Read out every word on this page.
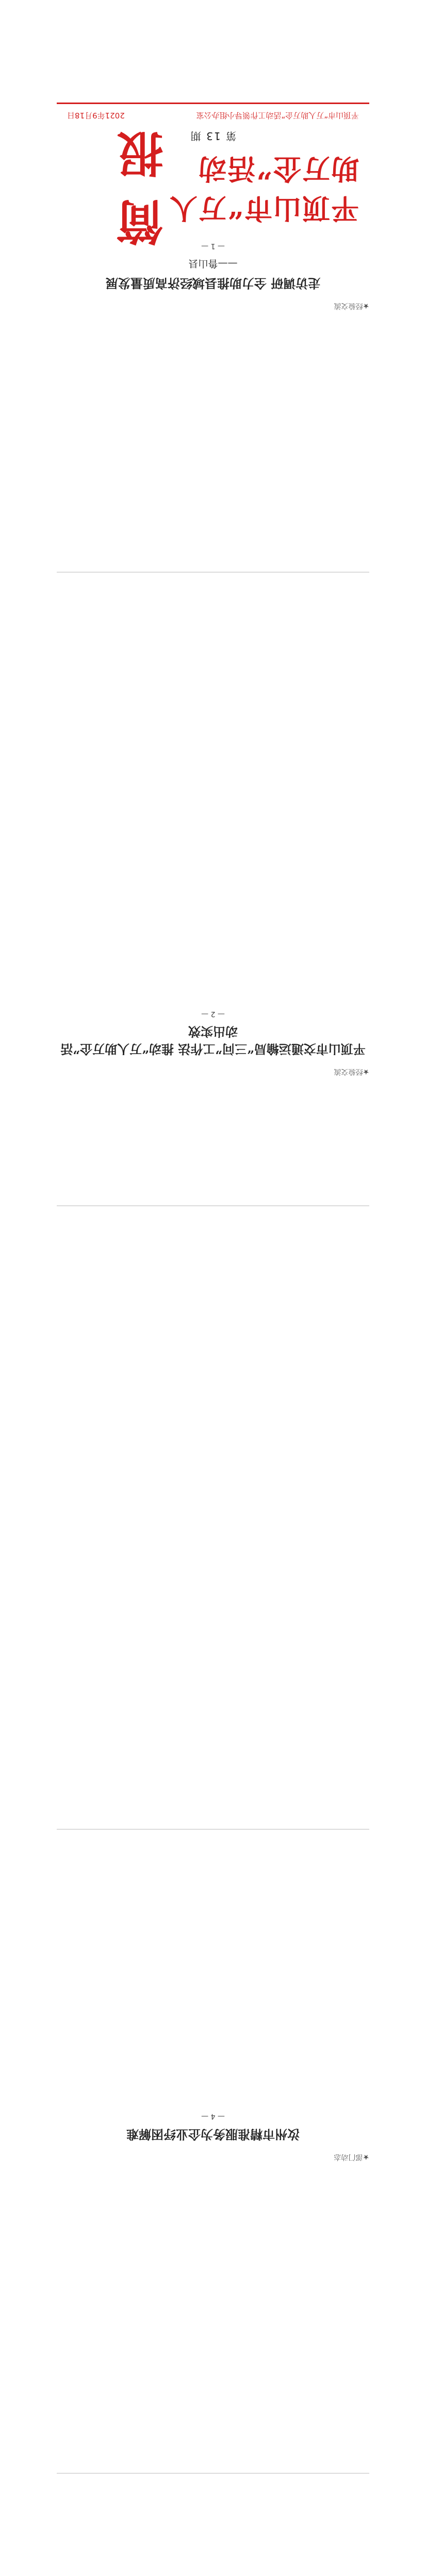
平顶山市“万人助万企”活动
简 报	第 13 期
平顶山市“万人助万企”活动工作领导小组办公室
2021年9月18日
★经验交流
走访调研 全力助推县域经济高质量发展
——鲁山县
— 1 —
★经验交流
平顶山市交通运输局“三问”工作法 推动“万人助万企”活动出实效
— 2 —
★部门动态
汝州市精准服务为企业纾困解难
— 4 —
